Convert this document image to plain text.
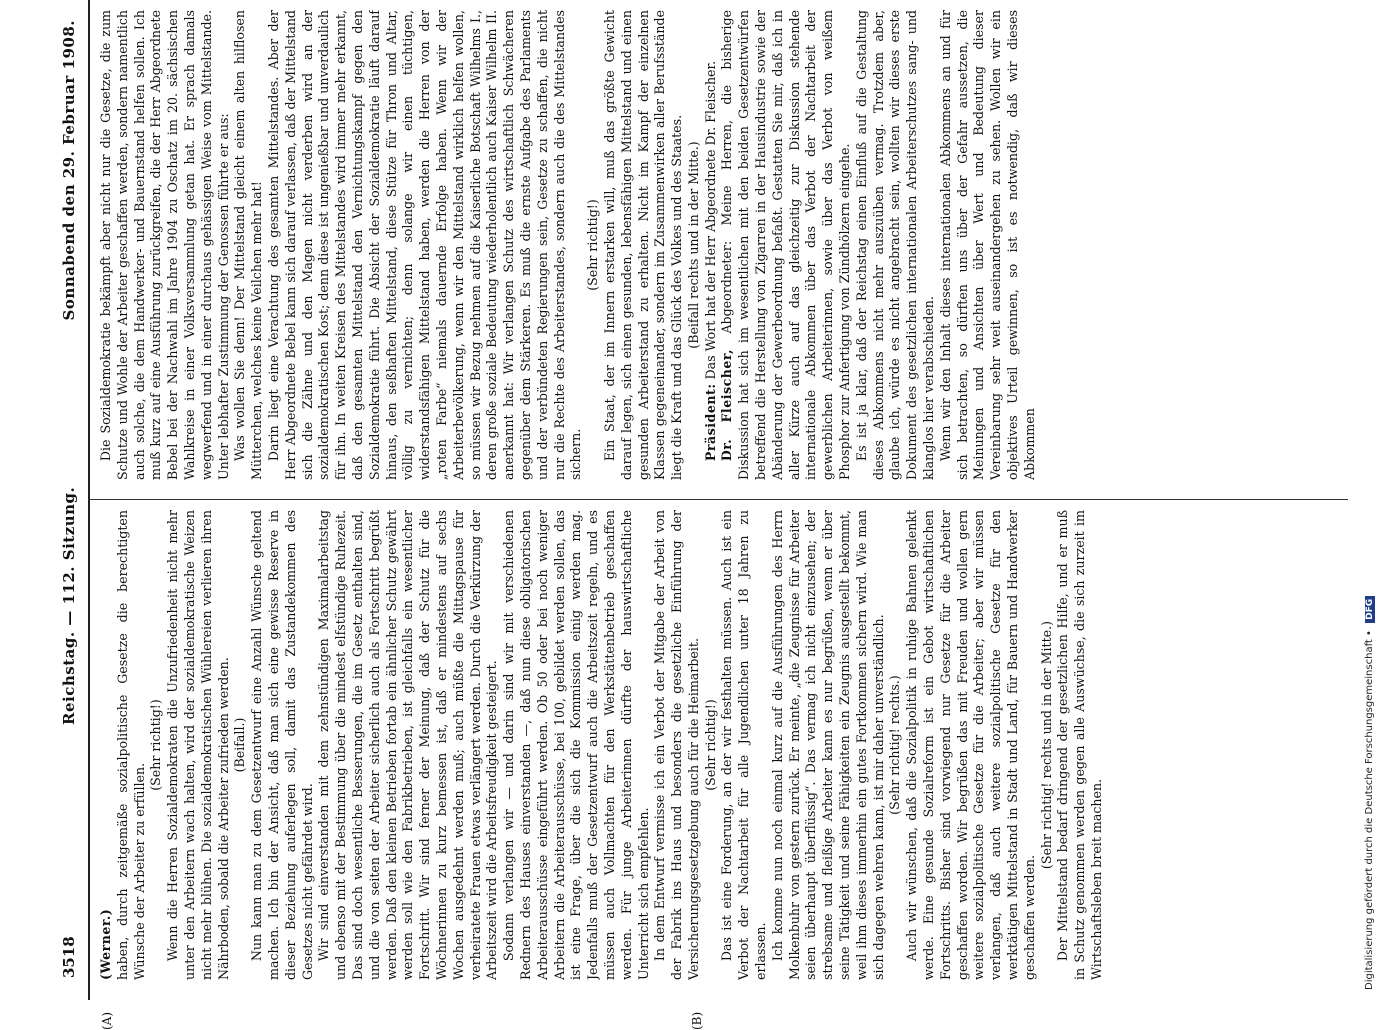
3518
Reichstag. — 112. Sitzung.
Sonnabend den 29. Februar 1908.
(A)	(B)

(Werner.) haben, durch zeitgemäße sozialpolitische Gesetze die berechtigten Wünsche der Arbeiter zu erfüllen.

(Sehr richtig!) Wenn die Herren Sozialdemokraten die Unzufriedenheit nicht mehr unter den Arbeitern wach halten, wird der sozialdemokratische Weizen nicht mehr blühen. Die sozialdemokratischen Wühlereien verlieren ihren Nährboden, sobald die Arbeiter zufrieden werden. (Beifall.) Nun kann man zu dem Gesetzentwurf eine Anzahl Wünsche geltend machen. Ich bin der Ansicht, daß man sich eine gewisse Reserve in dieser Beziehung auferlegen soll, damit das Zustandekommen des Gesetzes nicht gefährdet wird. Wir sind einverstanden mit dem zehnstündigen Maximalarbeitstag und ebenso mit der Bestimmung über die mindest elfstündige Ruhezeit. Das sind doch wesentliche Besserungen, die im Gesetz enthalten sind, und die von seiten der Arbeiter sicherlich auch als Fortschritt begrüßt werden. Daß den kleinen Betrieben fortab ein ähnlicher Schutz gewährt werden soll wie den Fabrikbetrieben, ist gleichfalls ein wesentlicher Fortschritt. Wir sind ferner der Meinung, daß der Schutz für die Wöchnerinnen zu kurz bemessen ist, daß er mindestens auf sechs Wochen ausgedehnt werden muß; auch müßte die Mittagspause für verheiratete Frauen etwas verlängert werden. Durch die Verkürzung der Arbeitszeit wird die Arbeitsfreudigkeit gesteigert. Sodann verlangen wir — und darin sind wir mit verschiedenen Rednern des Hauses einverstanden —, daß nun diese obligatorischen Arbeiterausschüsse eingeführt werden. Ob 50 oder bei noch weniger Arbeitern die Arbeiterausschüsse, bei 100, gebildet werden sollen, das ist eine Frage, über die sich die Kommission einig werden mag. Jedenfalls muß der Gesetzentwurf auch die Arbeitszeit regeln, und es müssen auch Vollmachten für den Werkstättenbetrieb geschaffen werden. Für junge Arbeiterinnen dürfte der hauswirtschaftliche Unterricht sich empfehlen. In dem Entwurf vermisse ich ein Verbot der Mitgabe der Arbeit von der Fabrik ins Haus und besonders die gesetzliche Einführung der Versicherungsgesetzgebung auch für die Heimarbeit. (Sehr richtig!) Das ist eine Forderung, an der wir festhalten müssen. Auch ist ein Verbot der Nachtarbeit für alle Jugendlichen unter 18 Jahren zu erlassen. Ich komme nun noch einmal kurz auf die Ausführungen des Herrn Molkenbuhr von gestern zurück. Er meinte, „die Zeugnisse für Arbeiter seien überhaupt überflüssig“. Das vermag ich nicht einzusehen; der strebsame und fleißige Arbeiter kann es nur begrüßen, wenn er über seine Tätigkeit und seine Fähigkeiten ein Zeugnis ausgestellt bekommt, weil ihm dieses immerhin ein gutes Fortkommen sichern wird. Wie man sich dagegen wehren kann, ist mir daher unverständlich. (Sehr richtig! rechts.) Auch wir wünschen, daß die Sozialpolitik in ruhige Bahnen gelenkt werde. Eine gesunde Sozialreform ist ein Gebot wirtschaftlichen Fortschritts. Bisher sind vorwiegend nur Gesetze für die Arbeiter geschaffen worden. Wir begrüßen das mit Freuden und wollen gern weitere sozialpolitische Gesetze für die Arbeiter; aber wir müssen verlangen, daß auch weitere sozialpolitische Gesetze für den werktätigen Mittelstand in Stadt und Land, für Bauern und Handwerker geschaffen werden.

(Sehr richtig! rechts und in der Mitte.) Der Mittelstand bedarf dringend der gesetzlichen Hilfe, und er muß in Schutz genommen werden gegen alle Auswüchse, die sich zurzeit im Wirtschaftsleben breit machen.

Die Sozialdemokratie bekämpft aber nicht nur die Gesetze, die zum Schutze und Wohle der Arbeiter geschaffen werden, sondern namentlich auch solche, die dem Handwerker- und Bauernstand helfen sollen. Ich muß kurz auf eine Ausführung zurückgreifen, die der Herr Abgeordnete Bebel bei der Nachwahl im Jahre 1904 zu Oschatz im 20. sächsischen Wahlkreise in einer Volksversammlung getan hat. Er sprach damals wegwerfend und in einer durchaus gehässigen Weise vom Mittelstande. Unter lebhafter Zustimmung der Genossen führte er aus: Was wollen Sie denn! Der Mittelstand gleicht einem alten hilflosen Mütterchen, welches keine Veilchen mehr hat! Darin liegt eine Verachtung des gesamten Mittelstandes. Aber der Herr Abgeordnete Bebel kann sich darauf verlassen, daß der Mittelstand sich die Zähne und den Magen nicht verderben wird an der sozialdemokratischen Kost; denn diese ist ungenießbar und unverdaulich für ihn. In weiten Kreisen des Mittelstandes wird immer mehr erkannt, daß den gesamten Mittelstand den Vernichtungskampf gegen den Sozialdemokratie führt. Die Absicht der Sozialdemokratie läuft darauf hinaus, den seßhaften Mittelstand, diese Stütze für Thron und Altar, völlig zu vernichten; denn solange wir einen tüchtigen, widerstandsfähigen Mittelstand haben, werden die Herren von der „roten Farbe“ niemals dauernde Erfolge haben. Wenn wir der Arbeiterbevölkerung, wenn wir den Mittelstand wirklich helfen wollen, so müssen wir Bezug nehmen auf die Kaiserliche Botschaft Wilhelms I., deren große soziale Bedeutung wiederholentlich auch Kaiser Wilhelm II. anerkannt hat: Wir verlangen Schutz des wirtschaftlich Schwächeren gegenüber dem Stärkeren. Es muß die ernste Aufgabe des Parlaments und der verbündeten Regierungen sein, Gesetze zu schaffen, die nicht nur die Rechte des Arbeiterstandes, sondern auch die des Mittelstandes sichern.

(Sehr richtig!) Ein Staat, der im Innern erstarken will, muß das größte Gewicht darauf legen, sich einen gesunden, lebensfähigen Mittelstand und einen gesunden Arbeiterstand zu erhalten. Nicht im Kampf der einzelnen Klassen gegeneinander, sondern im Zusammenwirken aller Berufsstände liegt die Kraft und das Glück des Volkes und des Staates. (Beifall rechts und in der Mitte.)

Präsident: Das Wort hat der Herr Abgeordnete Dr. Fleischer.

Dr. Fleischer, Abgeordneter: Meine Herren, die bisherige Diskussion hat sich im wesentlichen mit den beiden Gesetzentwürfen betreffend die Herstellung von Zigarren in der Hausindustrie sowie der Abänderung der Gewerbeordnung befaßt. Gestatten Sie mir, daß ich in aller Kürze auch auf das gleichzeitig zur Diskussion stehende internationale Abkommen über das Verbot der Nachtarbeit der gewerblichen Arbeiterinnen, sowie über das Verbot von weißem Phosphor zur Anfertigung von Zündhölzern eingehe. Es ist ja klar, daß der Reichstag einen Einfluß auf die Gestaltung dieses Abkommens nicht mehr auszuüben vermag. Trotzdem aber, glaube ich, würde es nicht angebracht sein, wollten wir dieses erste Dokument des gesetzlichen internationalen Arbeiterschutzes sang- und klanglos hier verabschieden. Wenn wir den Inhalt dieses internationalen Abkommens an und für sich betrachten, so dürften uns über der Gefahr aussetzen, die Meinungen und Ansichten über Wert und Bedeutung dieser Vereinbarung sehr weit auseinandergehen zu sehen. Wollen wir ein objektives Urteil gewinnen, so ist es notwendig, daß wir dieses Abkommen

Digitalisierung gefördert durch die Deutsche Forschungsgemeinschaft • DFG
